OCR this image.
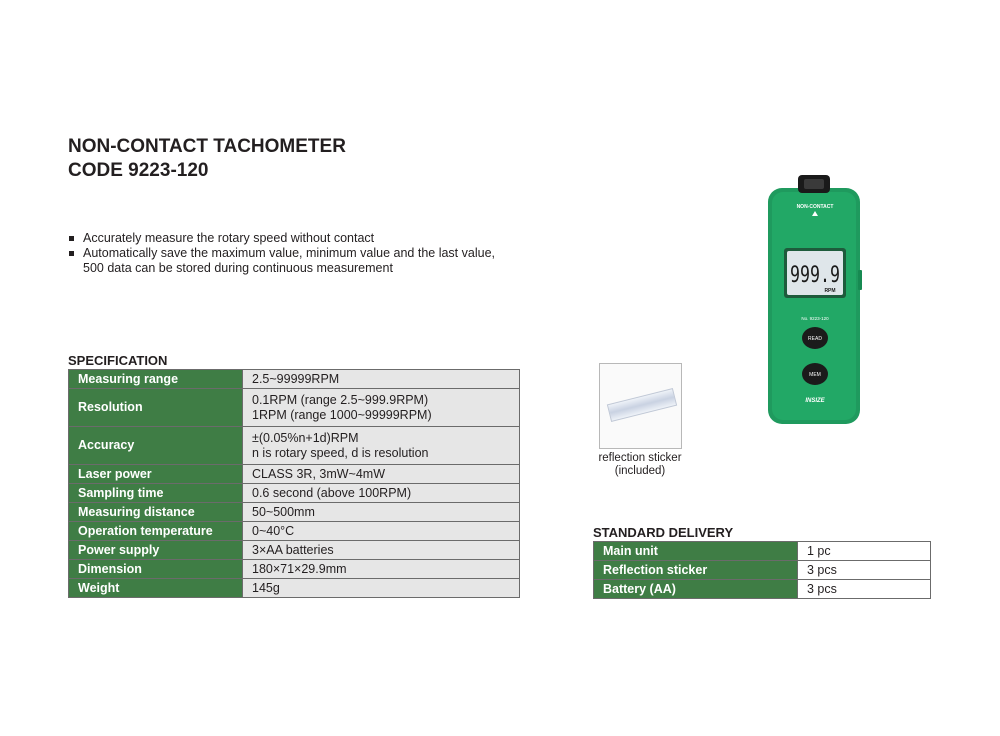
NON-CONTACT TACHOMETER
CODE 9223-120
Accurately measure the rotary speed without contact
Automatically save the maximum value, minimum value and the last value,
500 data can be stored during continuous measurement
SPECIFICATION
Measuring range	2.5~99999RPM

Resolution	0.1RPM (range 2.5~999.9RPM)
1RPM (range 1000~99999RPM)

Accuracy	±(0.05%n+1d)RPM
n is rotary speed, d is resolution

Laser power	CLASS 3R, 3mW~4mW

Sampling time	0.6 second (above 100RPM)

Measuring distance	50~500mm

Operation temperature	0~40°C

Power supply	3×AA batteries

Dimension	180×71×29.9mm

Weight	145g
reflection sticker
(included)
NON-CONTACT
999.9
RPM
No. 9223-120
READ
MEM
INSIZE
STANDARD DELIVERY
Main unit	1 pc
Reflection sticker	3 pcs
Battery (AA)	3 pcs
